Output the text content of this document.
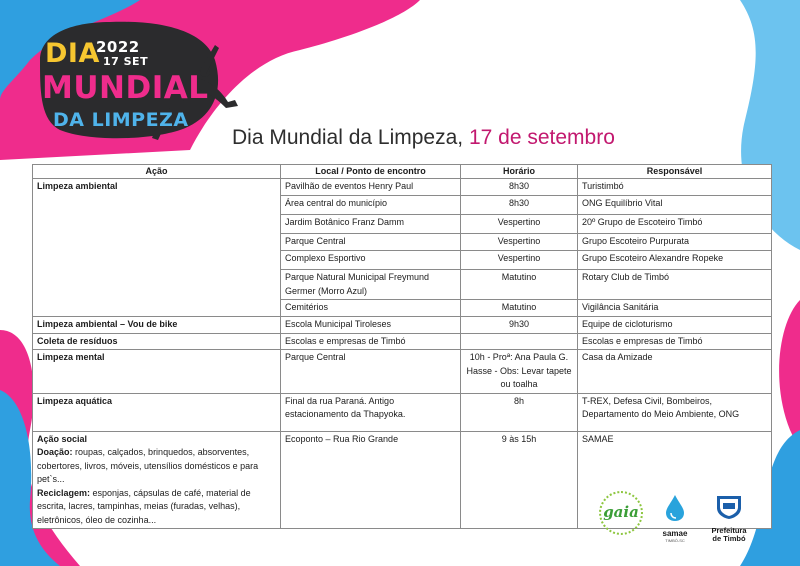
DIA
2022
17 SET
MUNDIAL
DA LIMPEZA
Dia Mundial da Limpeza, 17 de setembro
Ação	Local / Ponto de encontro	Horário	Responsável
Limpeza ambiental	Pavilhão de eventos Henry Paul	8h30	Turistimbó
	Área central do município	8h30	ONG Equilíbrio Vital
	Jardim Botânico Franz Damm	Vespertino	20º Grupo de Escoteiro Timbó
	Parque Central	Vespertino	Grupo Escoteiro Purpurata
	Complexo Esportivo	Vespertino	Grupo Escoteiro Alexandre Ropeke
	Parque Natural Municipal Freymund Germer (Morro Azul)	Matutino	Rotary Club de Timbó
	Cemitérios	Matutino	Vigilância Sanitária
Limpeza ambiental – Vou de bike	Escola Municipal Tiroleses	9h30	Equipe de cicloturismo
Coleta de resíduos	Escolas e empresas de Timbó		Escolas e empresas de Timbó
Limpeza mental	Parque Central	10h - Proª: Ana Paula G. Hasse - Obs: Levar tapete ou toalha	Casa da Amizade
Limpeza aquática	Final da rua Paraná. Antigo estacionamento da Thapyoka.	8h	T-REX, Defesa Civil, Bombeiros, Departamento do Meio Ambiente, ONG

Ação social
Doação: roupas, calçados, brinquedos, absorventes, cobertores, livros, móveis, utensílios domésticos e para pet`s...
Reciclagem: esponjas, cápsulas de café, material de escrita, lacres, tampinhas, meias (furadas, velhas), eletrônicos, óleo de cozinha...	Ecoponto – Rua Rio Grande	9 às 15h	SAMAE
gaia
samae
TIMBÓ-SC
Prefeitura
de Timbó
